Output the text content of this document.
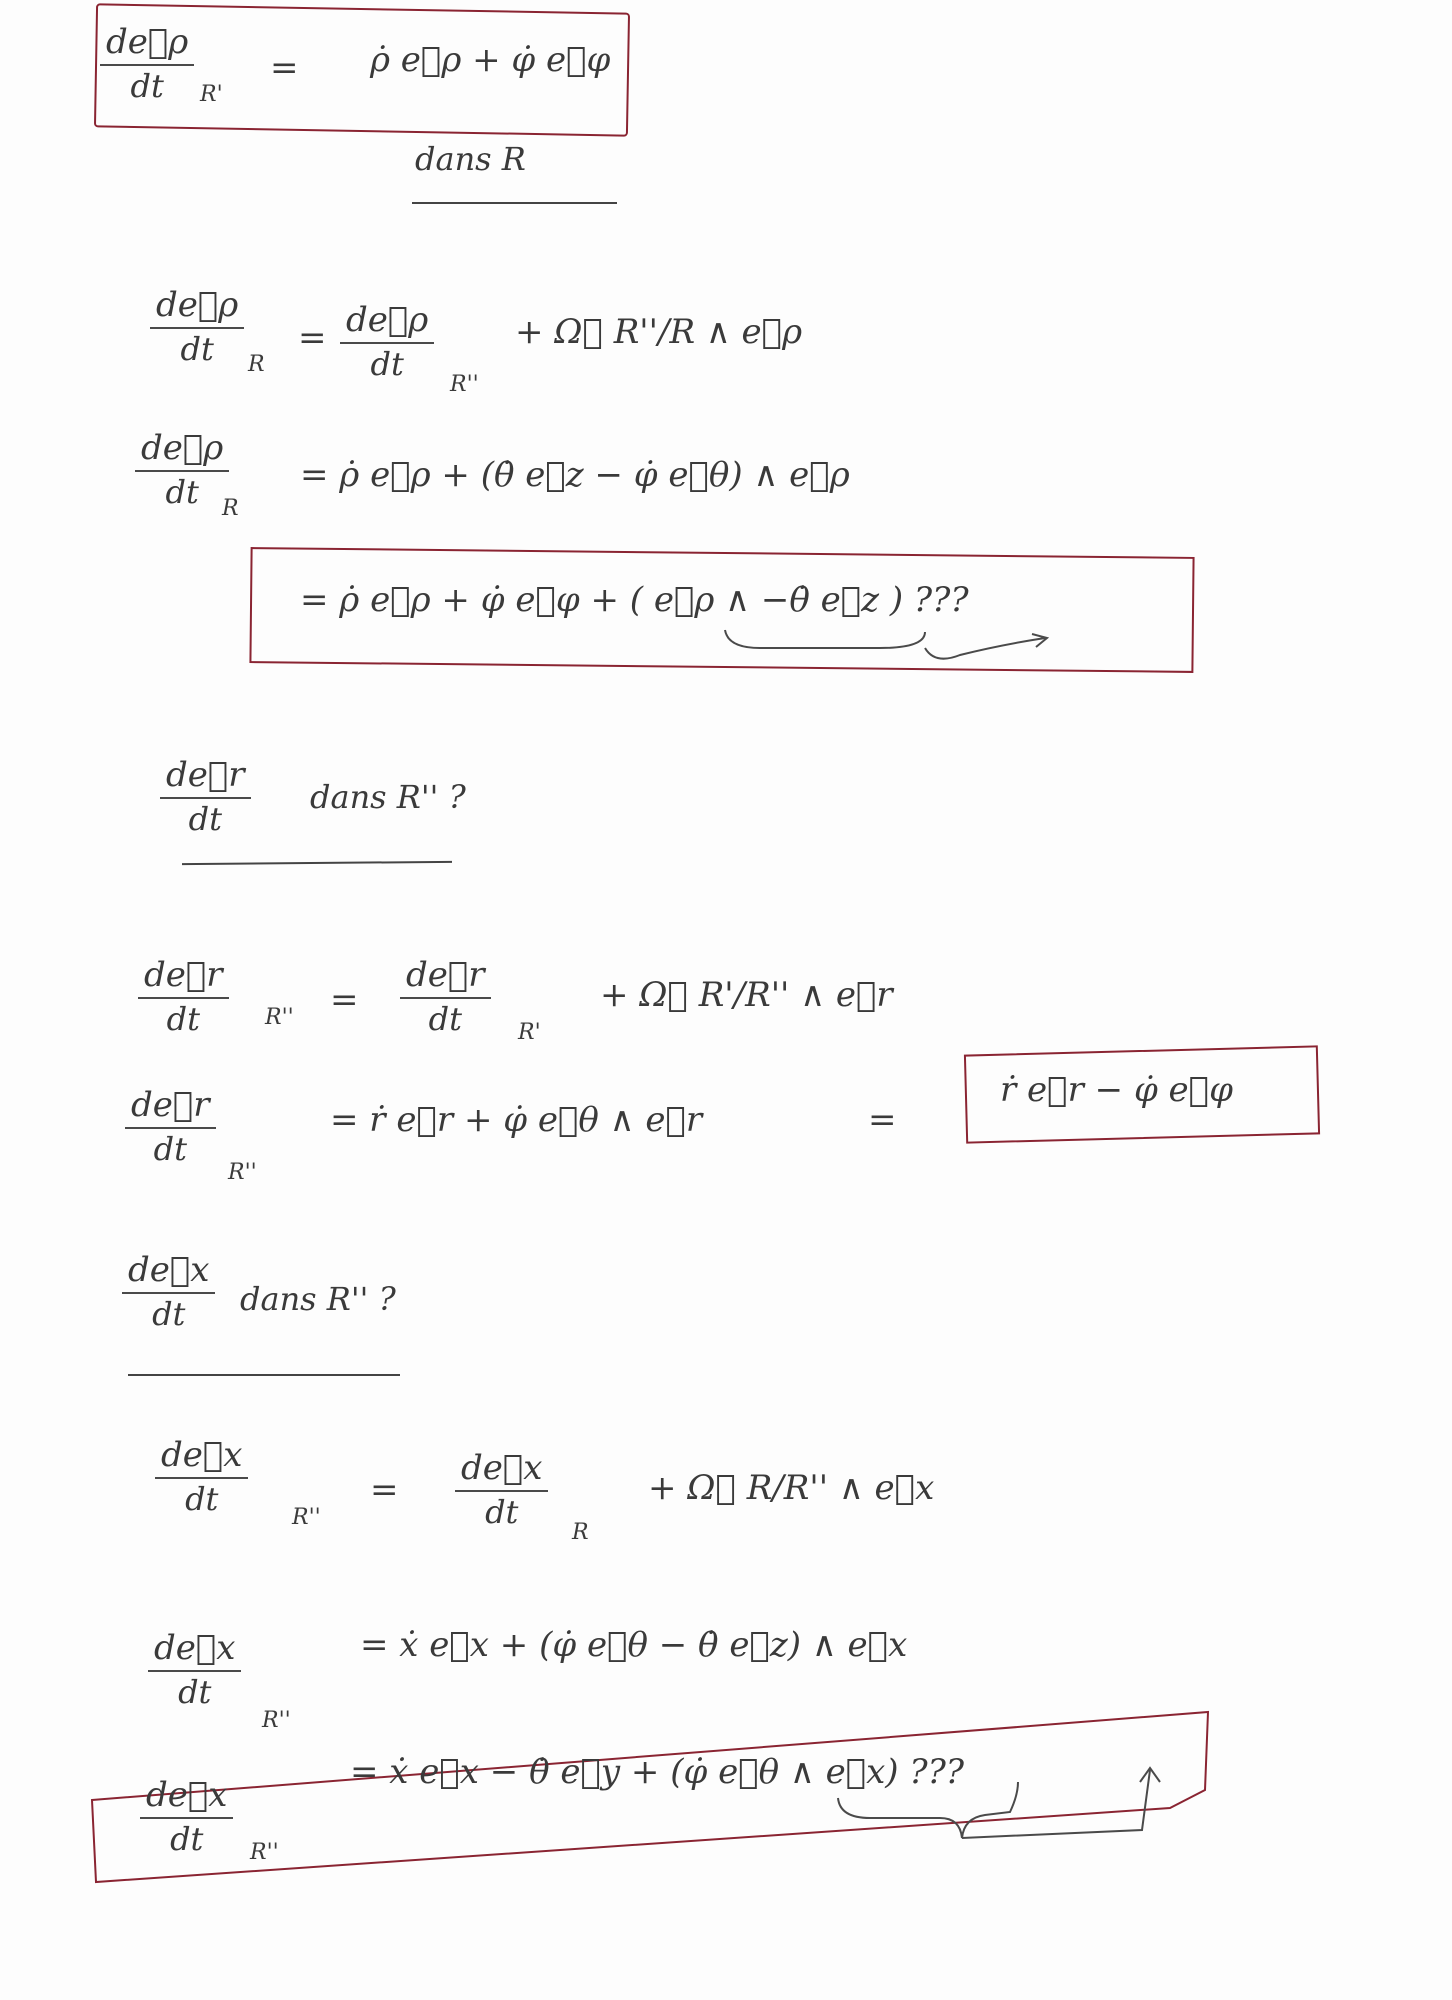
de⃗ρ
dt R'
= ρ̇ e⃗ρ + φ̇ e⃗φ
dans R
de⃗ρ
dt R
= de⃗ρ
dt
R''
+ Ω⃗ R''/R ∧ e⃗ρ
de⃗ρ
dt R
= ρ̇ e⃗ρ + (θ̇ e⃗z − φ̇ e⃗θ) ∧ e⃗ρ
= ρ̇ e⃗ρ + φ̇ e⃗φ + ( e⃗ρ ∧ −θ̇ e⃗z ) ???
de⃗r
dt
dans R'' ?
de⃗r
dt	R'' =
de⃗r
dt	R'
+ Ω⃗ R'/R'' ∧ e⃗r
de⃗r
dt
R''
= ṙ e⃗r + φ̇ e⃗θ ∧ e⃗r	=
ṙ e⃗r − φ̇ e⃗φ
de⃗x
dt dans R'' ?
de⃗x
dt	R''
=
de⃗x
dt
R
+ Ω⃗ R/R'' ∧ e⃗x
de⃗x
dt
R''
= ẋ e⃗x + (φ̇ e⃗θ − θ̇ e⃗z) ∧ e⃗x
de⃗x
dt R''
= ẋ e⃗x − θ̇ e⃗y + (φ̇ e⃗θ ∧ e⃗x) ???
